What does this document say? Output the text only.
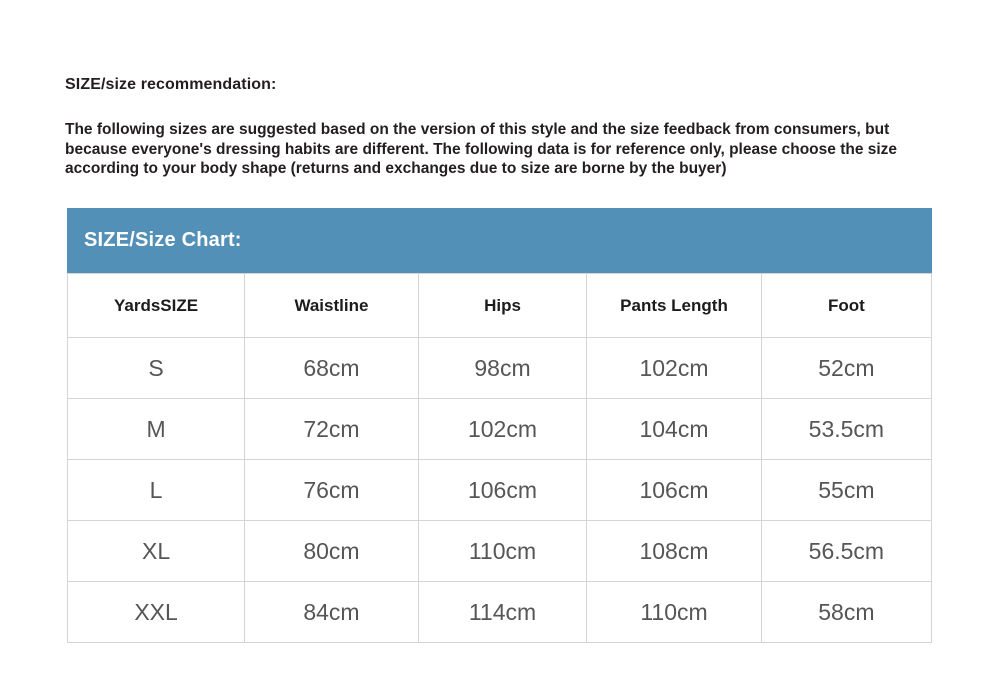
SIZE/size recommendation:
The following sizes are suggested based on the version of this style and the size feedback from consumers, but because everyone's dressing habits are different. The following data is for reference only, please choose the size according to your body shape (returns and exchanges due to size are borne by the buyer)
SIZE/Size Chart:
YardsSIZE	Waistline	Hips	Pants Length	Foot
S	68cm	98cm	102cm	52cm
M	72cm	102cm	104cm	53.5cm
L	76cm	106cm	106cm	55cm
XL	80cm	110cm	108cm	56.5cm
XXL	84cm	114cm	110cm	58cm
